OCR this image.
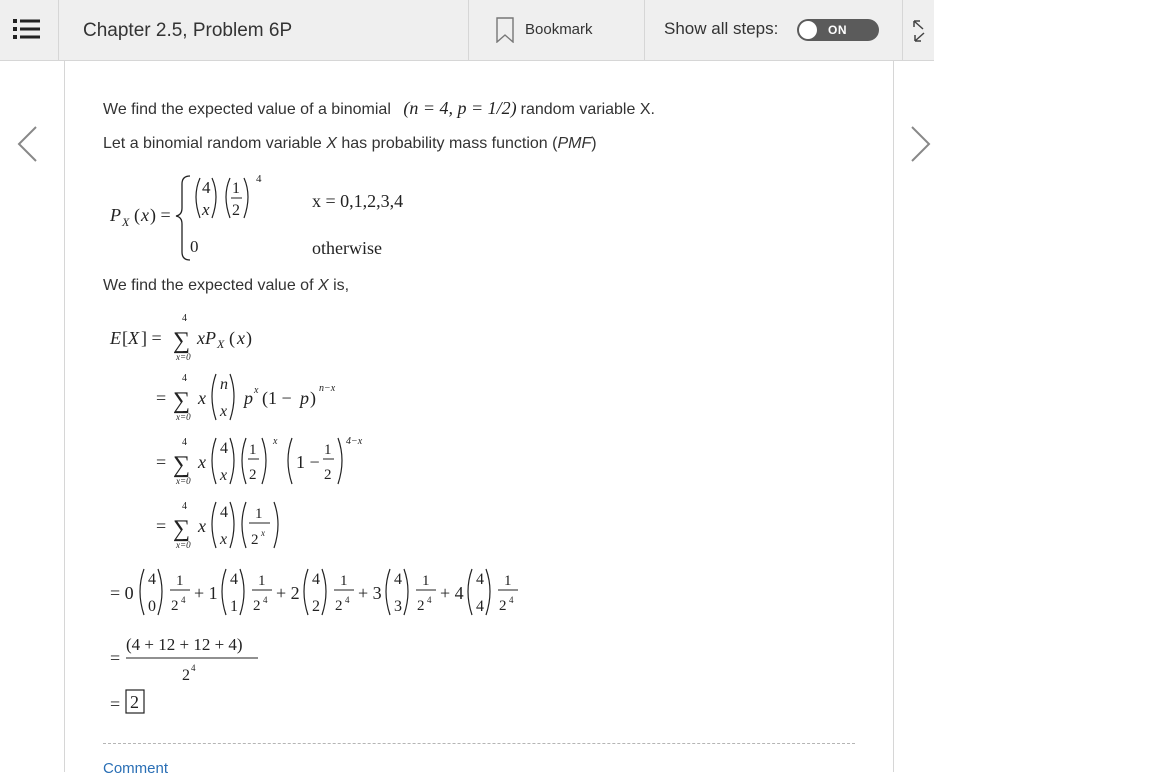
Chapter 2.5, Problem 6P	Bookmark	Show all steps:	ON
We find the expected value of a binomial (n = 4, p = 1/2) random variable X.
Let a binomial random variable X has probability mass function (PMF)
P X ( x ) =
4
x
1
2
4
0
x = 0,1,2,3,4
otherwise
We find the expected value of X is,
E [ X ] =
4
∑
x=0
xP X ( x )
=
4
∑
x=0
x
n
x
p x (1 − p ) n−x
=
4
∑
x=0
x
4
x
1
2
x
1 −
1
2
4−x
=
4
∑
x=0
x
4
x
1
2 x
= 0
4
0
1
2 4 + 1
4
1
1
2 4 + 2
4
2
1
2 4 + 3
4
3
1
2 4 + 4
4
4
1
2 4
=
(4 + 12 + 12 + 4)
2 4
= 2
Comment
